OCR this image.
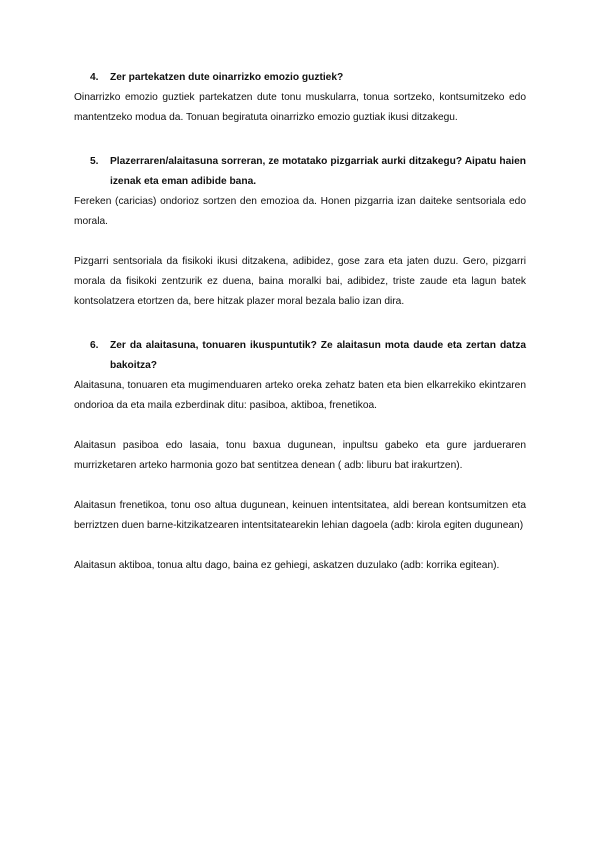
4.	Zer partekatzen dute oinarrizko emozio guztiek?

Oinarrizko emozio guztiek partekatzen dute tonu muskularra, tonua sortzeko, kontsumitzeko edo mantentzeko modua da. Tonuan begiratuta oinarrizko emozio guztiak ikusi ditzakegu.

5.	Plazerraren/alaitasuna sorreran, ze motatako pizgarriak aurki ditzakegu? Aipatu haien izenak eta eman adibide bana.

Fereken (caricias) ondorioz sortzen den emozioa da. Honen pizgarria izan daiteke sentsoriala edo morala.

Pizgarri sentsoriala da fisikoki ikusi ditzakena, adibidez, gose zara eta jaten duzu. Gero, pizgarri morala da fisikoki zentzurik ez duena, baina moralki bai, adibidez, triste zaude eta lagun batek kontsolatzera etortzen da, bere hitzak plazer moral bezala balio izan dira.

6.	Zer da alaitasuna, tonuaren ikuspuntutik? Ze alaitasun mota daude eta zertan datza bakoitza?

Alaitasuna, tonuaren eta mugimenduaren arteko oreka zehatz baten eta bien elkarrekiko ekintzaren ondorioa da eta maila ezberdinak ditu: pasiboa, aktiboa, frenetikoa.

Alaitasun pasiboa edo lasaia, tonu baxua dugunean, inpultsu gabeko eta gure jardueraren murrizketaren arteko harmonia gozo bat sentitzea denean ( adb: liburu bat irakurtzen).

Alaitasun frenetikoa, tonu oso altua dugunean, keinuen intentsitatea, aldi berean kontsumitzen eta berriztzen duen barne-kitzikatzearen intentsitatearekin lehian dagoela (adb: kirola egiten dugunean)

Alaitasun aktiboa, tonua altu dago, baina ez gehiegi, askatzen duzulako (adb: korrika egitean).
